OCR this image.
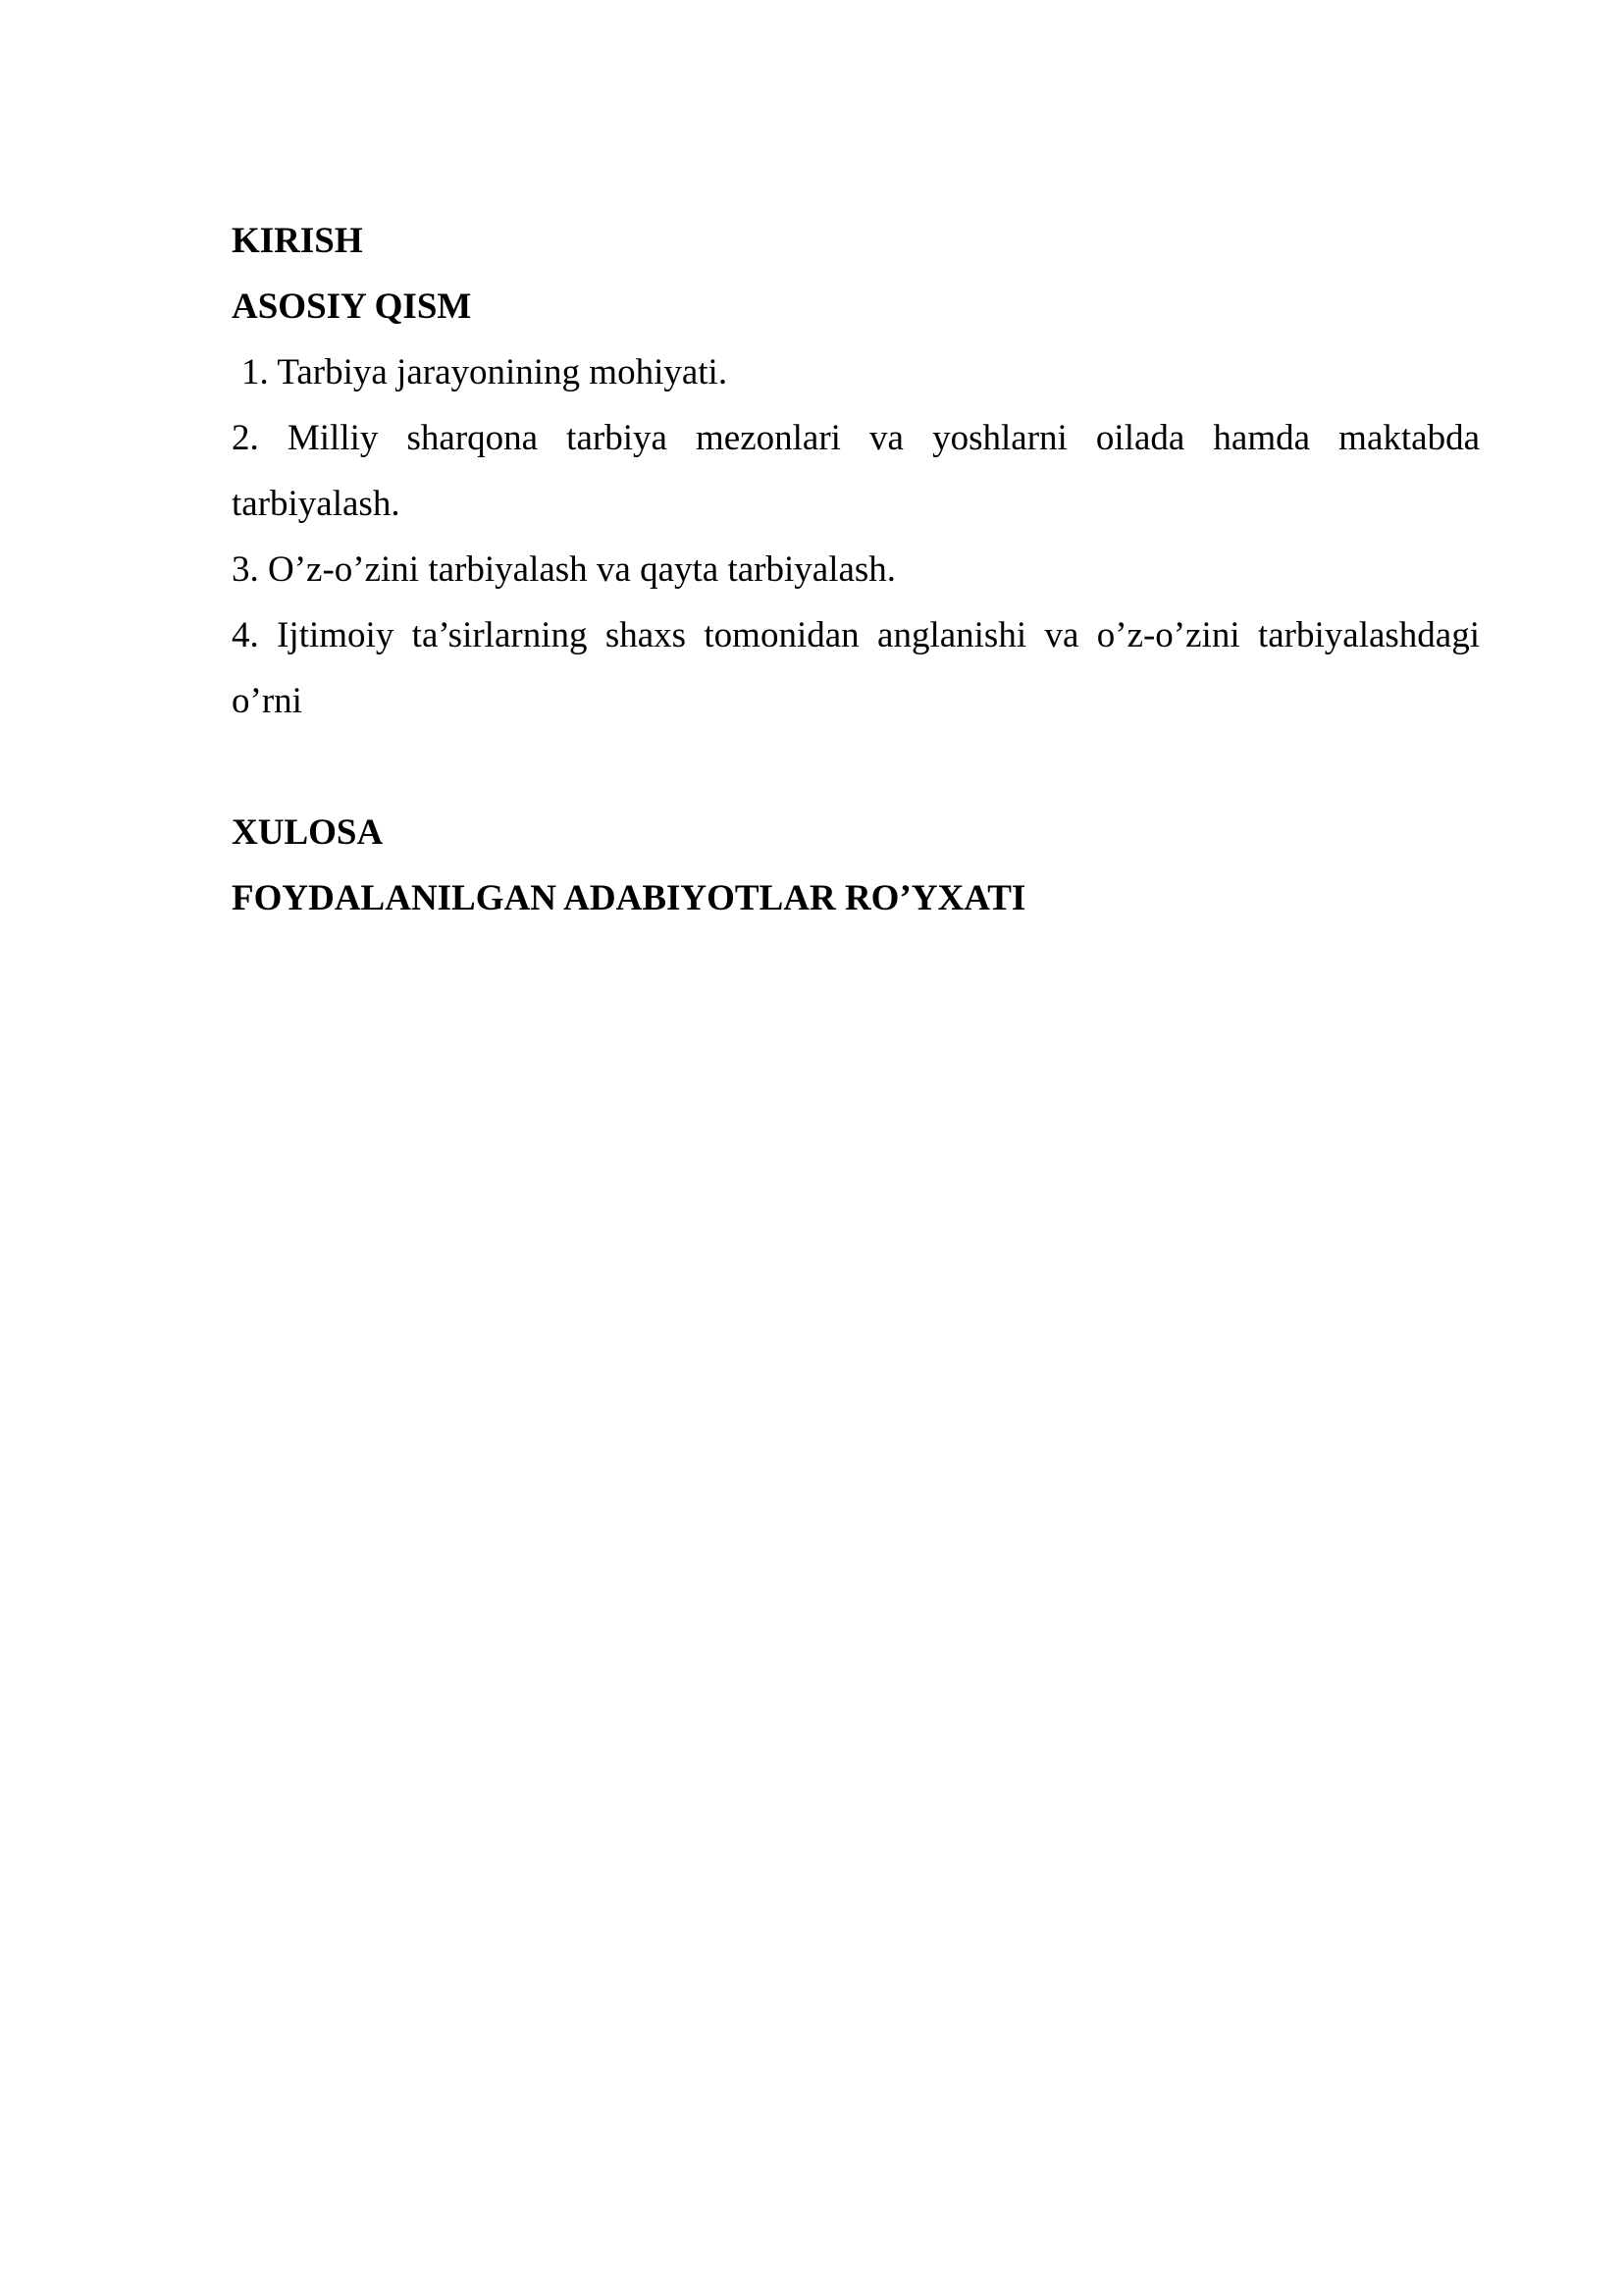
KIRISH

ASOSIY QISM

1. Tarbiya jarayonining mohiyati.

2. Milliy sharqona tarbiya mezonlari va yoshlarni oilada hamda maktabda

tarbiyalash.

3. O’z-o’zini tarbiyalash va qayta tarbiyalash.

4. Ijtimoiy ta’sirlarning shaxs tomonidan anglanishi va o’z-o’zini tarbiyalashdagi

o’rni

XULOSA

FOYDALANILGAN ADABIYOTLAR RO’YXATI
